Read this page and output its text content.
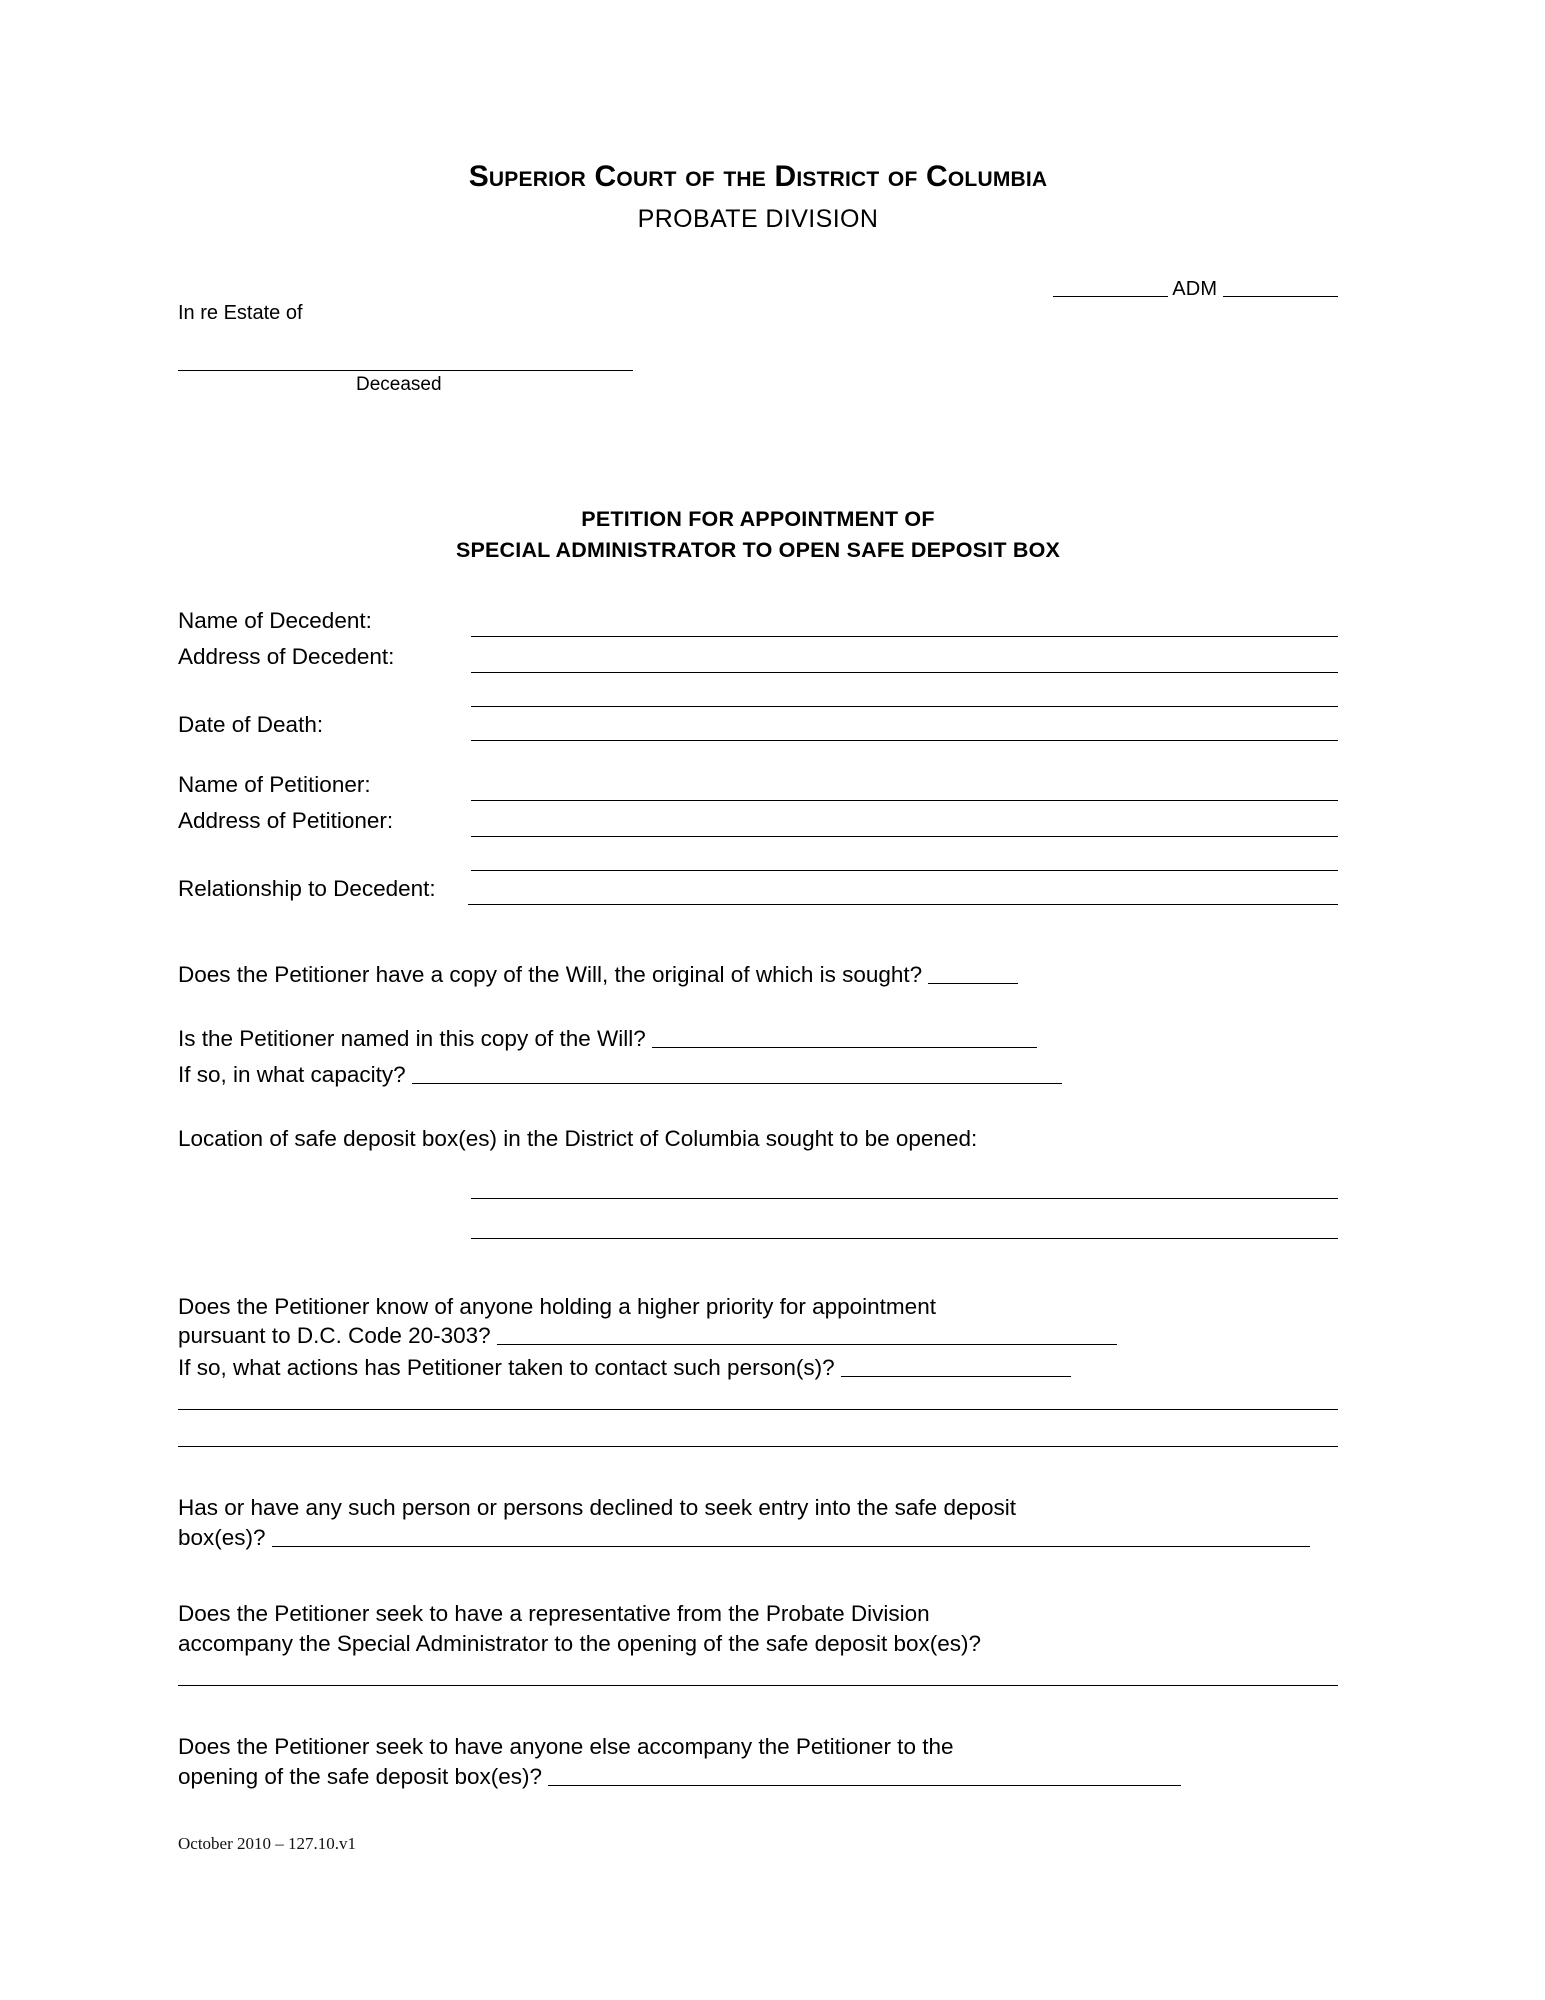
Superior Court of the District of Columbia
PROBATE DIVISION
ADM
In re Estate of
Deceased
PETITION FOR APPOINTMENT OF
SPECIAL ADMINISTRATOR TO OPEN SAFE DEPOSIT BOX
Name of Decedent:
Address of Decedent:
Date of Death:
Name of Petitioner:
Address of Petitioner:
Relationship to Decedent:
Does the Petitioner have a copy of the Will, the original of which is sought?
Is the Petitioner named in this copy of the Will?
If so, in what capacity?
Location of safe deposit box(es) in the District of Columbia sought to be opened:
Does the Petitioner know of anyone holding a higher priority for appointment
pursuant to D.C. Code 20-303?
If so, what actions has Petitioner taken to contact such person(s)?
Has or have any such person or persons declined to seek entry into the safe deposit
box(es)?
Does the Petitioner seek to have a representative from the Probate Division
accompany the Special Administrator to the opening of the safe deposit box(es)?
Does the Petitioner seek to have anyone else accompany the Petitioner to the
opening of the safe deposit box(es)?
October 2010 – 127.10.v1
